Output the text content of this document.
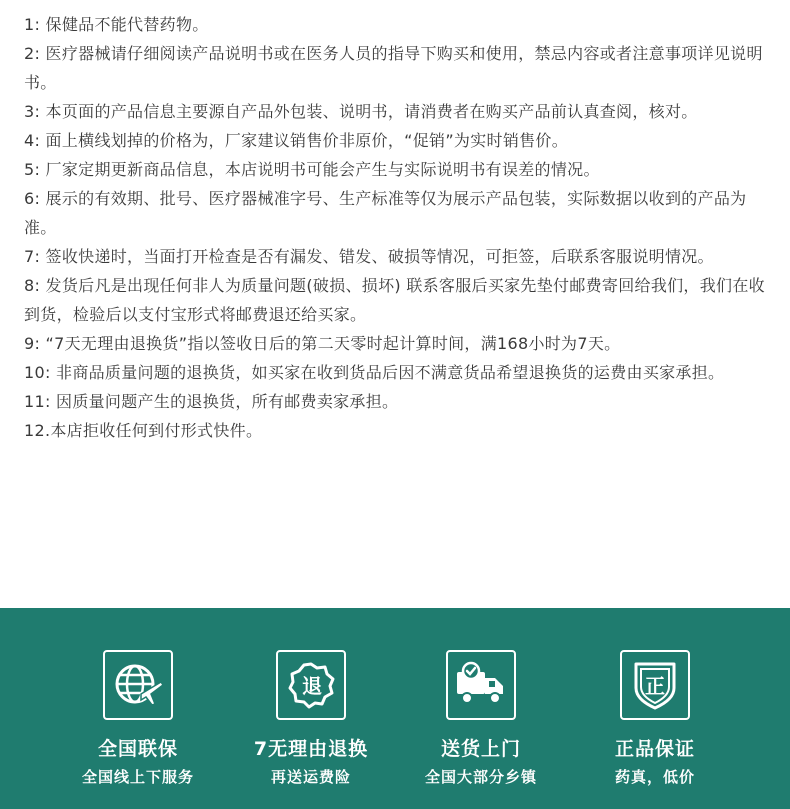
1: 保健品不能代替药物。
2: 医疗器械请仔细阅读产品说明书或在医务人员的指导下购买和使用，禁忌内容或者注意事项详见说明书。
3: 本页面的产品信息主要源自产品外包装、说明书，请消费者在购买产品前认真查阅，核对。
4: 面上横线划掉的价格为，厂家建议销售价非原价，“促销”为实时销售价。
5: 厂家定期更新商品信息，本店说明书可能会产生与实际说明书有误差的情况。
6: 展示的有效期、批号、医疗器械准字号、生产标准等仅为展示产品包装，实际数据以收到的产品为准。
7: 签收快递时，当面打开检查是否有漏发、错发、破损等情况，可拒签，后联系客服说明情况。
8: 发货后凡是出现任何非人为质量问题(破损、损坏) 联系客服后买家先垫付邮费寄回给我们，我们在收到货，检验后以支付宝形式将邮费退还给买家。
9: “7天无理由退换货”指以签收日后的第二天零时起计算时间，满168小时为7天。
10: 非商品质量问题的退换货，如买家在收到货品后因不满意货品希望退换货的运费由买家承担。
11: 因质量问题产生的退换货，所有邮费卖家承担。
12.本店拒收任何到付形式快件。
全国联保
全国线上下服务
退
7无理由退换
再送运费险
送货上门
全国大部分乡镇
正
正品保证
药真，低价
